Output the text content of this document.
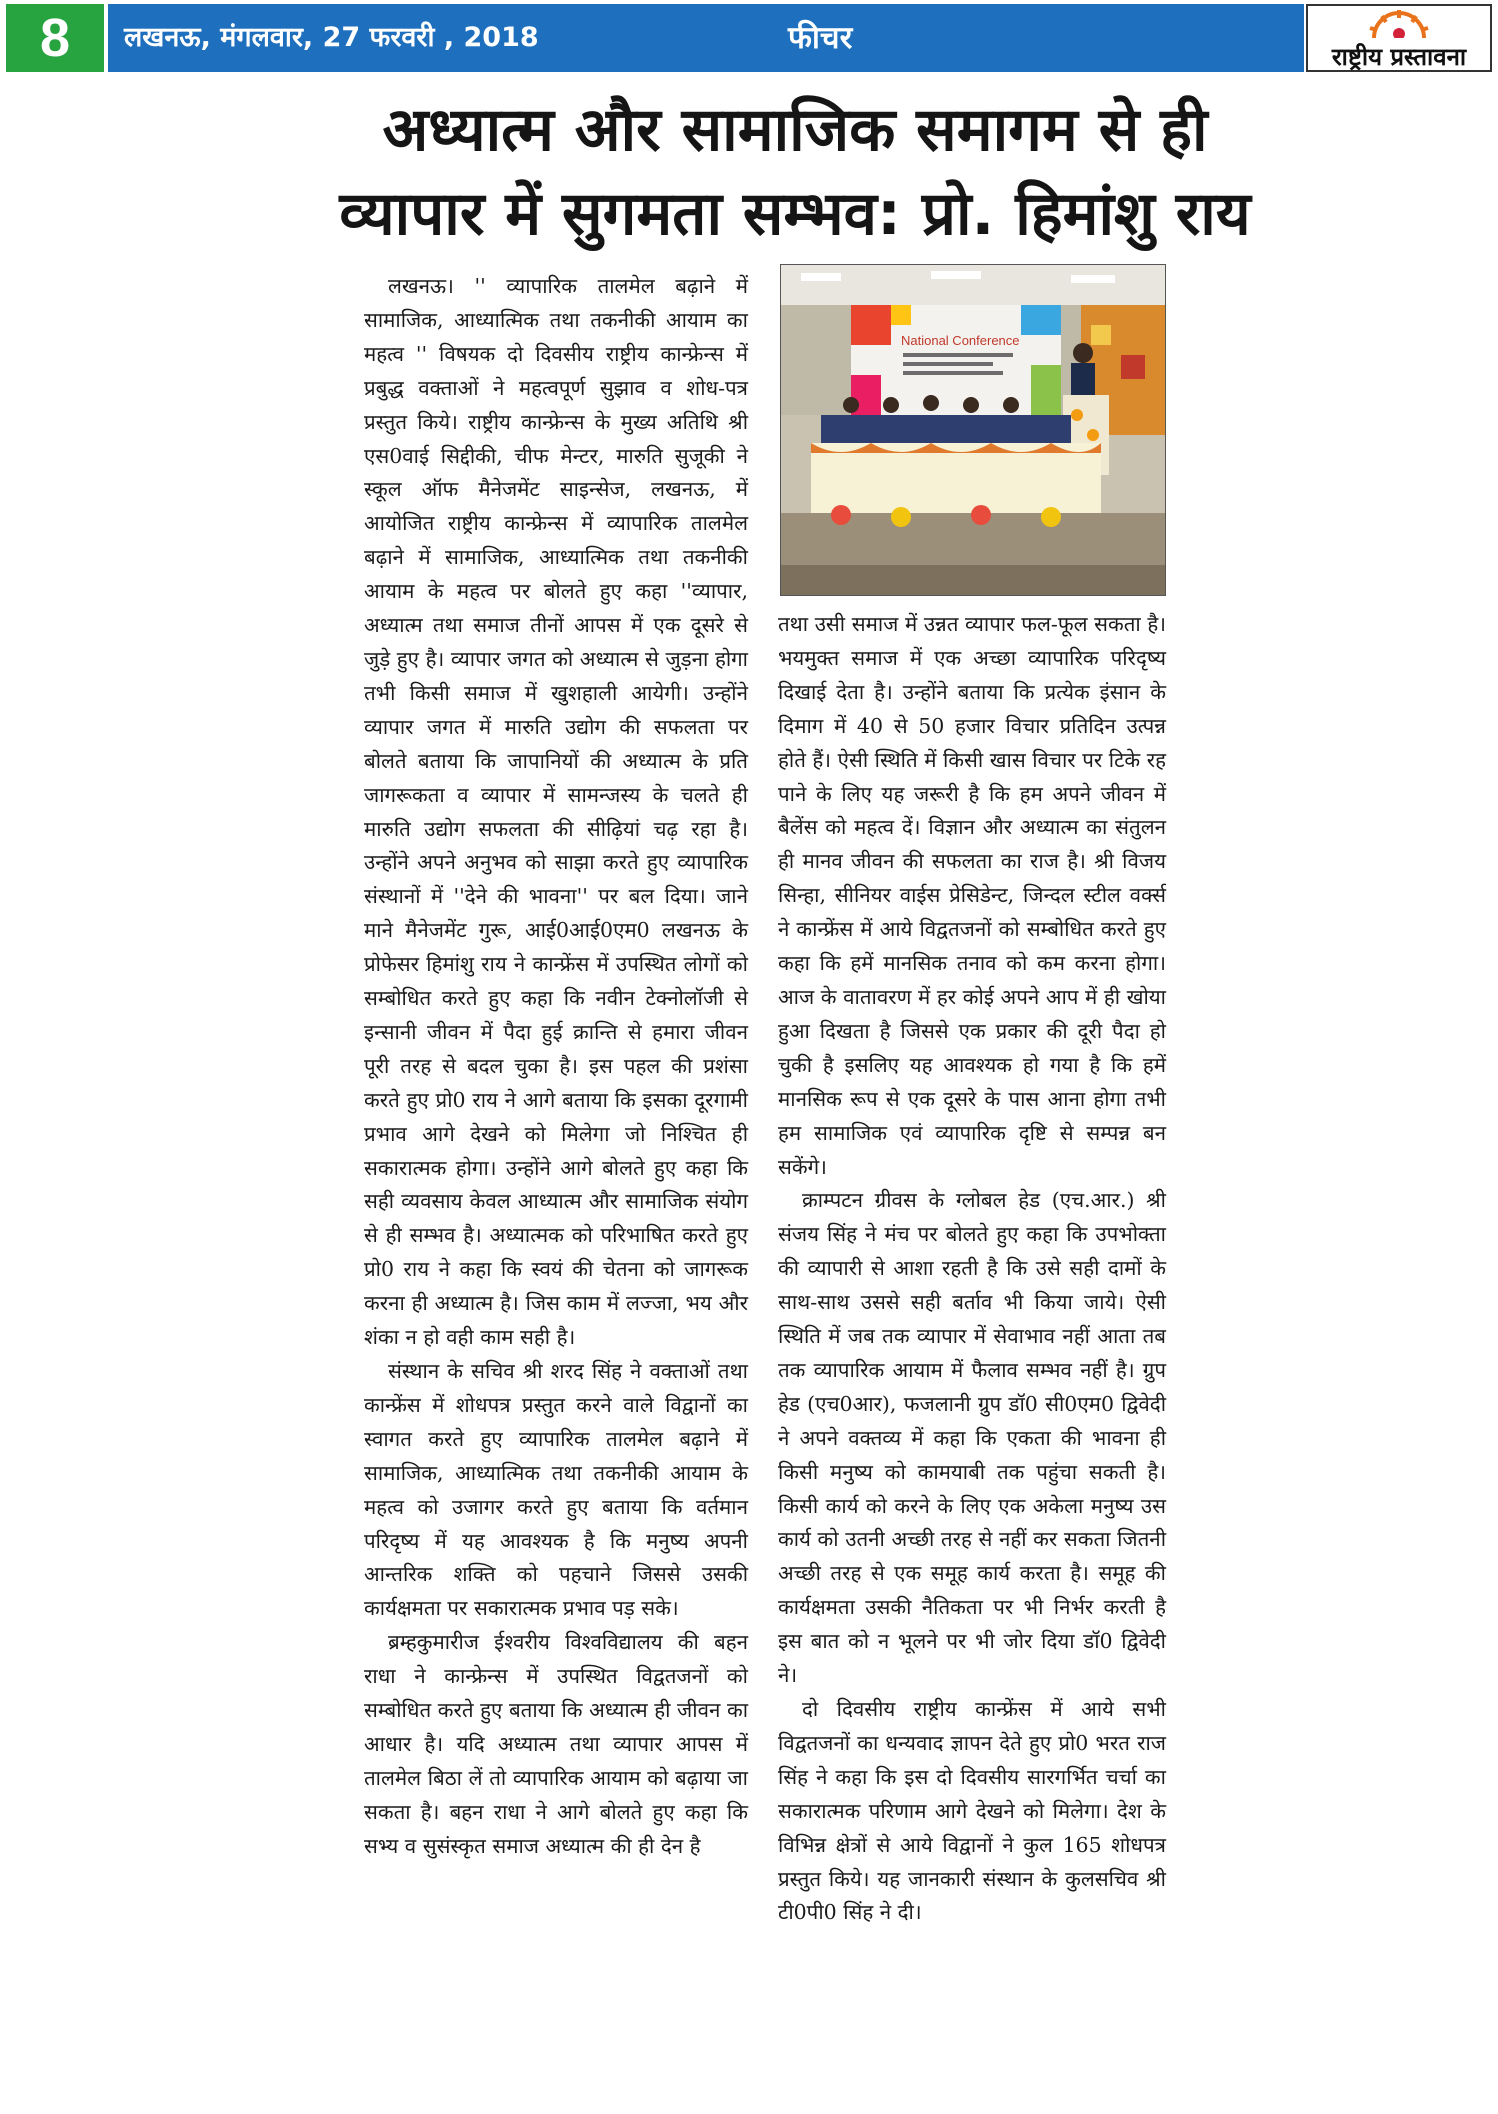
8	लखनऊ, मंगलवार, 27 फरवरी , 2018	फीचर
राष्ट्रीय प्रस्तावना
अध्यात्म और सामाजिक समागम से ही
व्यापार में सुगमता सम्भव: प्रो. हिमांशु राय
National Conference

लखनऊ। '' व्यापारिक तालमेल बढ़ाने में सामाजिक, आध्यात्मिक तथा तकनीकी आयाम का महत्व '' विषयक दो दिवसीय राष्ट्रीय कान्फ्रेन्स में प्रबुद्ध वक्ताओं ने महत्वपूर्ण सुझाव व शोध-पत्र प्रस्तुत किये। राष्ट्रीय कान्फ्रेन्स के मुख्य अतिथि श्री एस0वाई सिद्दीकी, चीफ मेन्टर, मारुति सुजूकी ने स्कूल ऑफ मैनेजमेंट साइन्सेज, लखनऊ, में आयोजित राष्ट्रीय कान्फ्रेन्स में व्यापारिक तालमेल बढ़ाने में सामाजिक, आध्यात्मिक तथा तकनीकी आयाम के महत्व पर बोलते हुए कहा ''व्यापार, अध्यात्म तथा समाज तीनों आपस में एक दूसरे से जुड़े हुए है। व्यापार जगत को अध्यात्म से जुड़ना होगा तभी किसी समाज में खुशहाली आयेगी। उन्होंने व्यापार जगत में मारुति उद्योग की सफलता पर बोलते बताया कि जापानियों की अध्यात्म के प्रति जागरूकता व व्यापार में सामन्जस्य के चलते ही मारुति उद्योग सफलता की सीढ़ियां चढ़ रहा है। उन्होंने अपने अनुभव को साझा करते हुए व्यापारिक संस्थानों में ''देने की भावना'' पर बल दिया। जाने माने मैनेजमेंट गुरू, आई0आई0एम0 लखनऊ के प्रोफेसर हिमांशु राय ने कान्फ्रेंस में उपस्थित लोगों को सम्बोधित करते हुए कहा कि नवीन टेक्नोलॉजी से इन्सानी जीवन में पैदा हुई क्रान्ति से हमारा जीवन पूरी तरह से बदल चुका है। इस पहल की प्रशंसा करते हुए प्रो0 राय ने आगे बताया कि इसका दूरगामी प्रभाव आगे देखने को मिलेगा जो निश्चित ही सकारात्मक होगा। उन्होंने आगे बोलते हुए कहा कि सही व्यवसाय केवल आध्यात्म और सामाजिक संयोग से ही सम्भव है। अध्यात्मक को परिभाषित करते हुए प्रो0 राय ने कहा कि स्वयं की चेतना को जागरूक करना ही अध्यात्म है। जिस काम में लज्जा, भय और शंका न हो वही काम सही है।

संस्थान के सचिव श्री शरद सिंह ने वक्ताओं तथा कान्फ्रेंस में शोधपत्र प्रस्तुत करने वाले विद्वानों का स्वागत करते हुए व्यापारिक तालमेल बढ़ाने में सामाजिक, आध्यात्मिक तथा तकनीकी आयाम के महत्व को उजागर करते हुए बताया कि वर्तमान परिदृष्य में यह आवश्यक है कि मनुष्य अपनी आन्तरिक शक्ति को पहचाने जिससे उसकी कार्यक्षमता पर सकारात्मक प्रभाव पड़ सके।

ब्रम्हकुमारीज ईश्वरीय विश्वविद्यालय की बहन राधा ने कान्फ्रेन्स में उपस्थित विद्वतजनों को सम्बोधित करते हुए बताया कि अध्यात्म ही जीवन का आधार है। यदि अध्यात्म तथा व्यापार आपस में तालमेल बिठा लें तो व्यापारिक आयाम को बढ़ाया जा सकता है। बहन राधा ने आगे बोलते हुए कहा कि सभ्य व सुसंस्कृत समाज अध्यात्म की ही देन है

तथा उसी समाज में उन्नत व्यापार फल-फूल सकता है। भयमुक्त समाज में एक अच्छा व्यापारिक परिदृष्य दिखाई देता है। उन्होंने बताया कि प्रत्येक इंसान के दिमाग में 40 से 50 हजार विचार प्रतिदिन उत्पन्न होते हैं। ऐसी स्थिति में किसी खास विचार पर टिके रह पाने के लिए यह जरूरी है कि हम अपने जीवन में बैलेंस को महत्व दें। विज्ञान और अध्यात्म का संतुलन ही मानव जीवन की सफलता का राज है। श्री विजय सिन्हा, सीनियर वाईस प्रेसिडेन्ट, जिन्दल स्टील वर्क्स ने कान्फ्रेंस में आये विद्वतजनों को सम्बोधित करते हुए कहा कि हमें मानसिक तनाव को कम करना होगा। आज के वातावरण में हर कोई अपने आप में ही खोया हुआ दिखता है जिससे एक प्रकार की दूरी पैदा हो चुकी है इसलिए यह आवश्यक हो गया है कि हमें मानसिक रूप से एक दूसरे के पास आना होगा तभी हम सामाजिक एवं व्यापारिक दृष्टि से सम्पन्न बन सकेंगे।

क्राम्पटन ग्रीवस के ग्लोबल हेड (एच.आर.) श्री संजय सिंह ने मंच पर बोलते हुए कहा कि उपभोक्ता की व्यापारी से आशा रहती है कि उसे सही दामों के साथ-साथ उससे सही बर्ताव भी किया जाये। ऐसी स्थिति में जब तक व्यापार में सेवाभाव नहीं आता तब तक व्यापारिक आयाम में फैलाव सम्भव नहीं है। ग्रुप हेड (एच0आर), फजलानी ग्रुप डॉ0 सी0एम0 द्विवेदी ने अपने वक्तव्य में कहा कि एकता की भावना ही किसी मनुष्य को कामयाबी तक पहुंचा सकती है। किसी कार्य को करने के लिए एक अकेला मनुष्य उस कार्य को उतनी अच्छी तरह से नहीं कर सकता जितनी अच्छी तरह से एक समूह कार्य करता है। समूह की कार्यक्षमता उसकी नैतिकता पर भी निर्भर करती है इस बात को न भूलने पर भी जोर दिया डॉ0 द्विवेदी ने।

दो दिवसीय राष्ट्रीय कान्फ्रेंस में आये सभी विद्वतजनों का धन्यवाद ज्ञापन देते हुए प्रो0 भरत राज सिंह ने कहा कि इस दो दिवसीय सारगर्भित चर्चा का सकारात्मक परिणाम आगे देखने को मिलेगा। देश के विभिन्न क्षेत्रों से आये विद्वानों ने कुल 165 शोधपत्र प्रस्तुत किये। यह जानकारी संस्थान के कुलसचिव श्री टी0पी0 सिंह ने दी।
